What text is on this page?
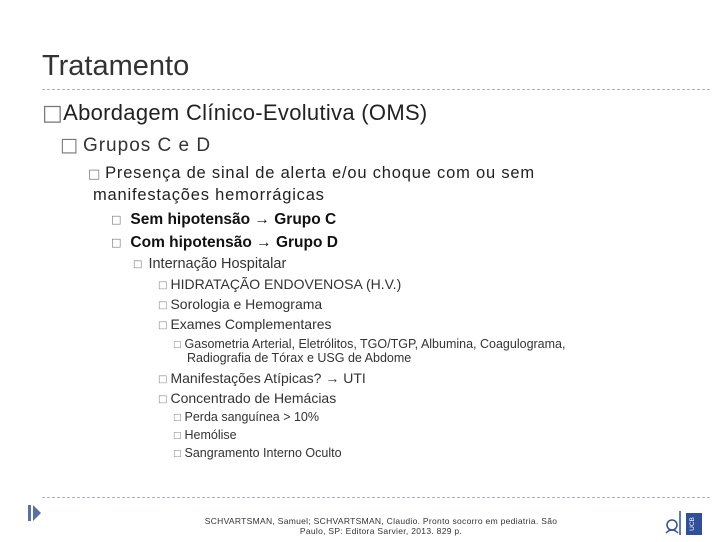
Tratamento
□Abordagem Clínico-Evolutiva (OMS)
□ Grupos C e D
□ Presença de sinal de alerta e/ou choque com ou sem
manifestações hemorrágicas
□ Sem hipotensão → Grupo C
□ Com hipotensão → Grupo D
□ Internação Hospitalar
□ HIDRATAÇÃO ENDOVENOSA (H.V.)
□ Sorologia e Hemograma
□ Exames Complementares
□ Gasometria Arterial, Eletrólitos, TGO/TGP, Albumina, Coagulograma,
Radiografia de Tórax e USG de Abdome
□ Manifestações Atípicas? → UTI
□ Concentrado de Hemácias
□ Perda sanguínea > 10%
□ Hemólise
□ Sangramento Interno Oculto
SCHVARTSMAN, Samuel; SCHVARTSMAN, Claudio. Pronto socorro em pediatria. São Paulo, SP: Editora Sarvier, 2013. 829 p.
UCB
